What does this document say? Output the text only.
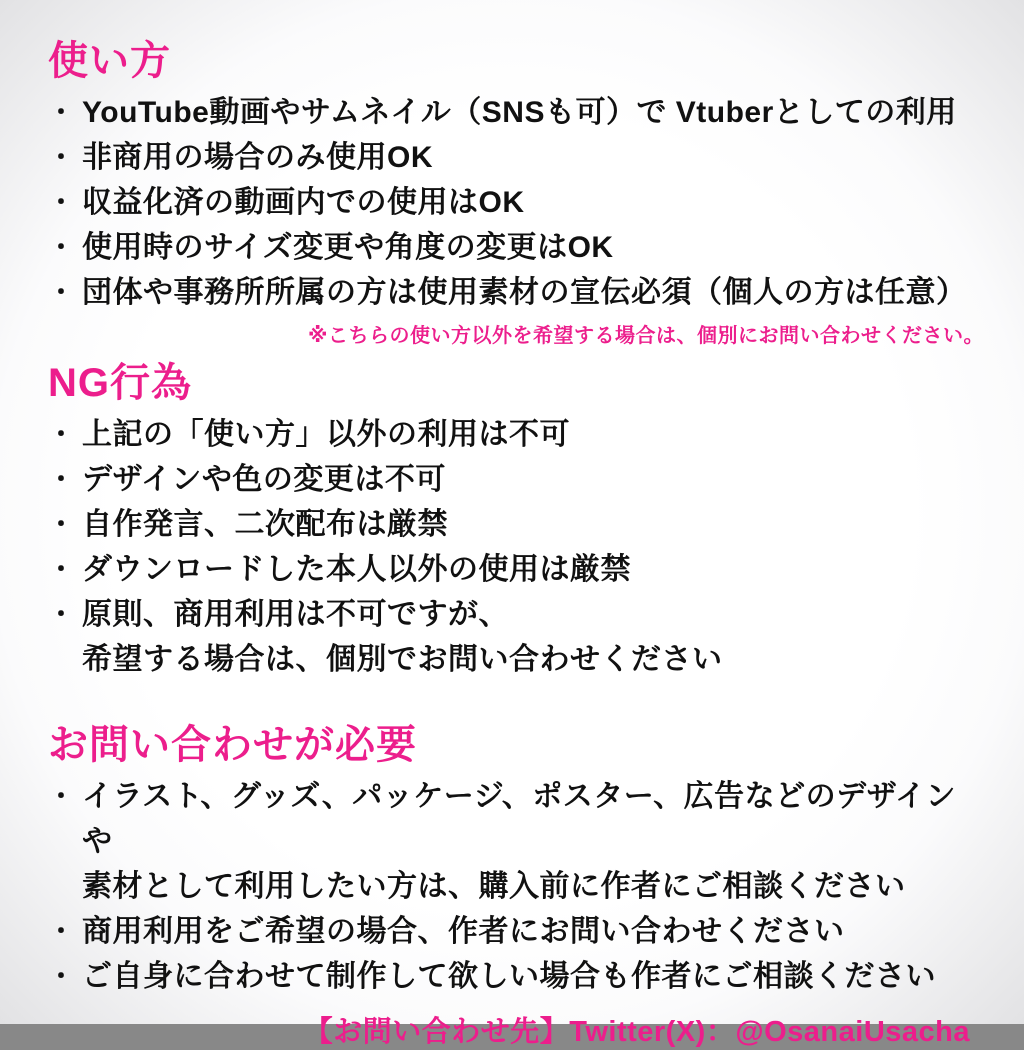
使い方
・ YouTube動画やサムネイル（SNSも可）で Vtuberとしての利用
・ 非商用の場合のみ使用OK
・ 収益化済の動画内での使用はOK
・ 使用時のサイズ変更や角度の変更はOK
・ 団体や事務所所属の方は使用素材の宣伝必須（個人の方は任意）
※こちらの使い方以外を希望する場合は、個別にお問い合わせください。
NG行為
・ 上記の「使い方」以外の利用は不可
・ デザインや色の変更は不可
・ 自作発言、二次配布は厳禁
・ ダウンロードした本人以外の使用は厳禁
・ 原則、商用利用は不可ですが、
希望する場合は、個別でお問い合わせください
お問い合わせが必要
・ イラスト、グッズ、パッケージ、ポスター、広告などのデザインや
素材として利用したい方は、購入前に作者にご相談ください
・ 商用利用をご希望の場合、作者にお問い合わせください
・ ご自身に合わせて制作して欲しい場合も作者にご相談ください
【お問い合わせ先】Twitter(X)：@OsanaiUsacha
